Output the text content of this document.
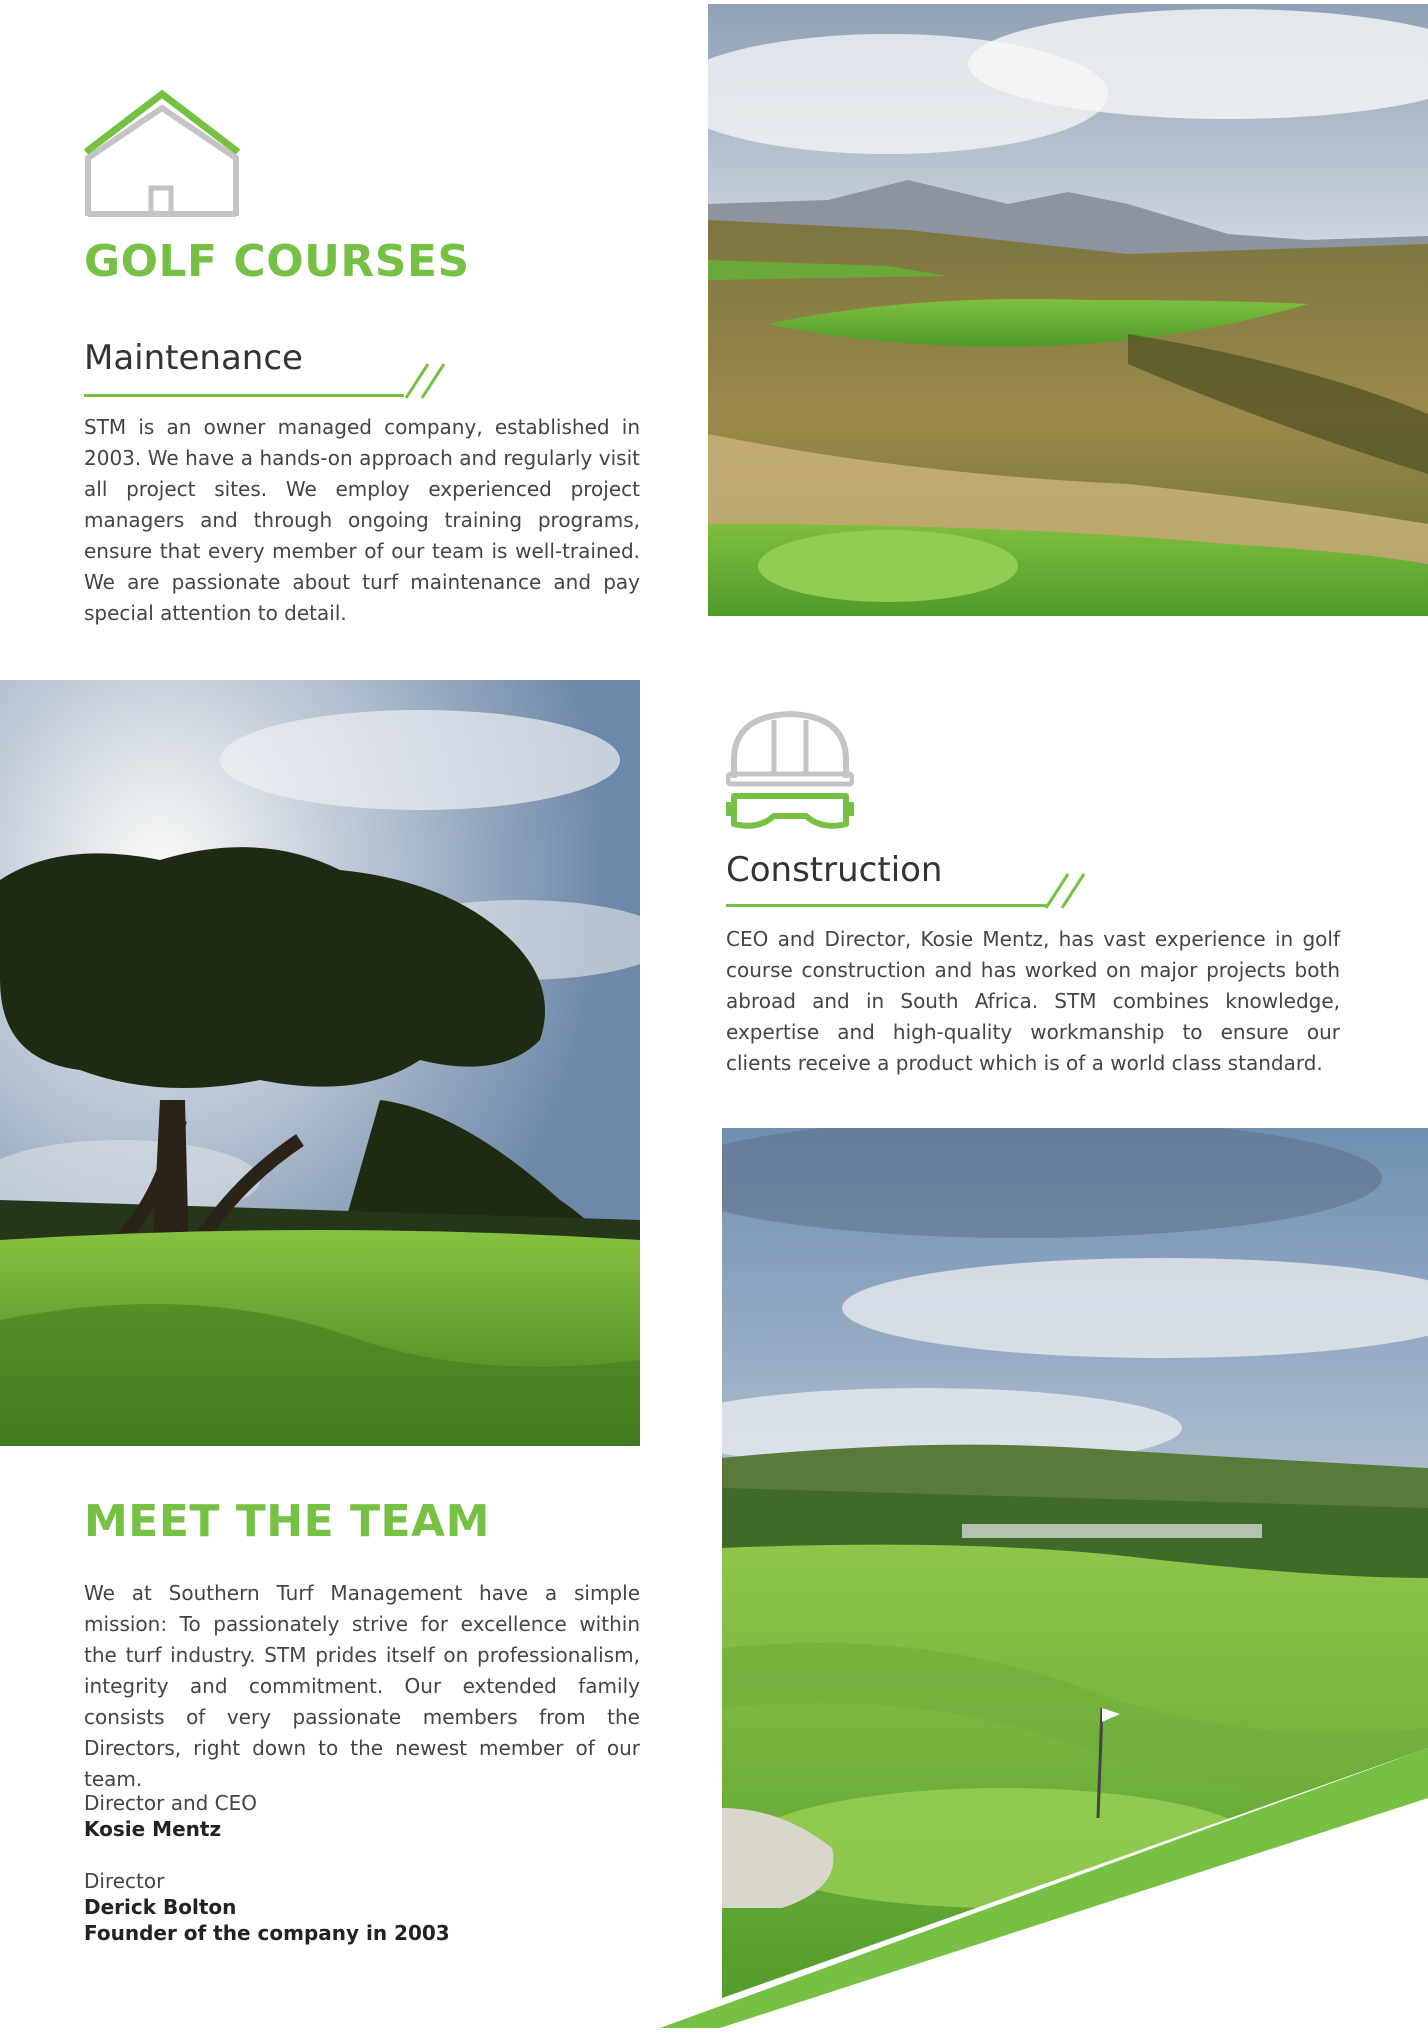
GOLF COURSES
Maintenance

STM is an owner managed company, established in 2003. We have a hands-on approach and regularly visit all project sites. We employ experienced project managers and through ongoing training programs, ensure that every member of our team is well-trained. We are passionate about turf maintenance and pay special attention to detail.

Construction

CEO and Director, Kosie Mentz, has vast experience in golf course construction and has worked on major projects both abroad and in South Africa. STM combines knowledge, expertise and high-quality workmanship to ensure our clients receive a product which is of a world class standard.

MEET THE TEAM

We at Southern Turf Management have a simple mission: To passionately strive for excellence within the turf industry. STM prides itself on professionalism, integrity and commitment. Our extended family consists of very passionate members from the Directors, right down to the newest member of our team.

Director and CEO

Kosie Mentz

Director

Derick Bolton

Founder of the company in 2003
